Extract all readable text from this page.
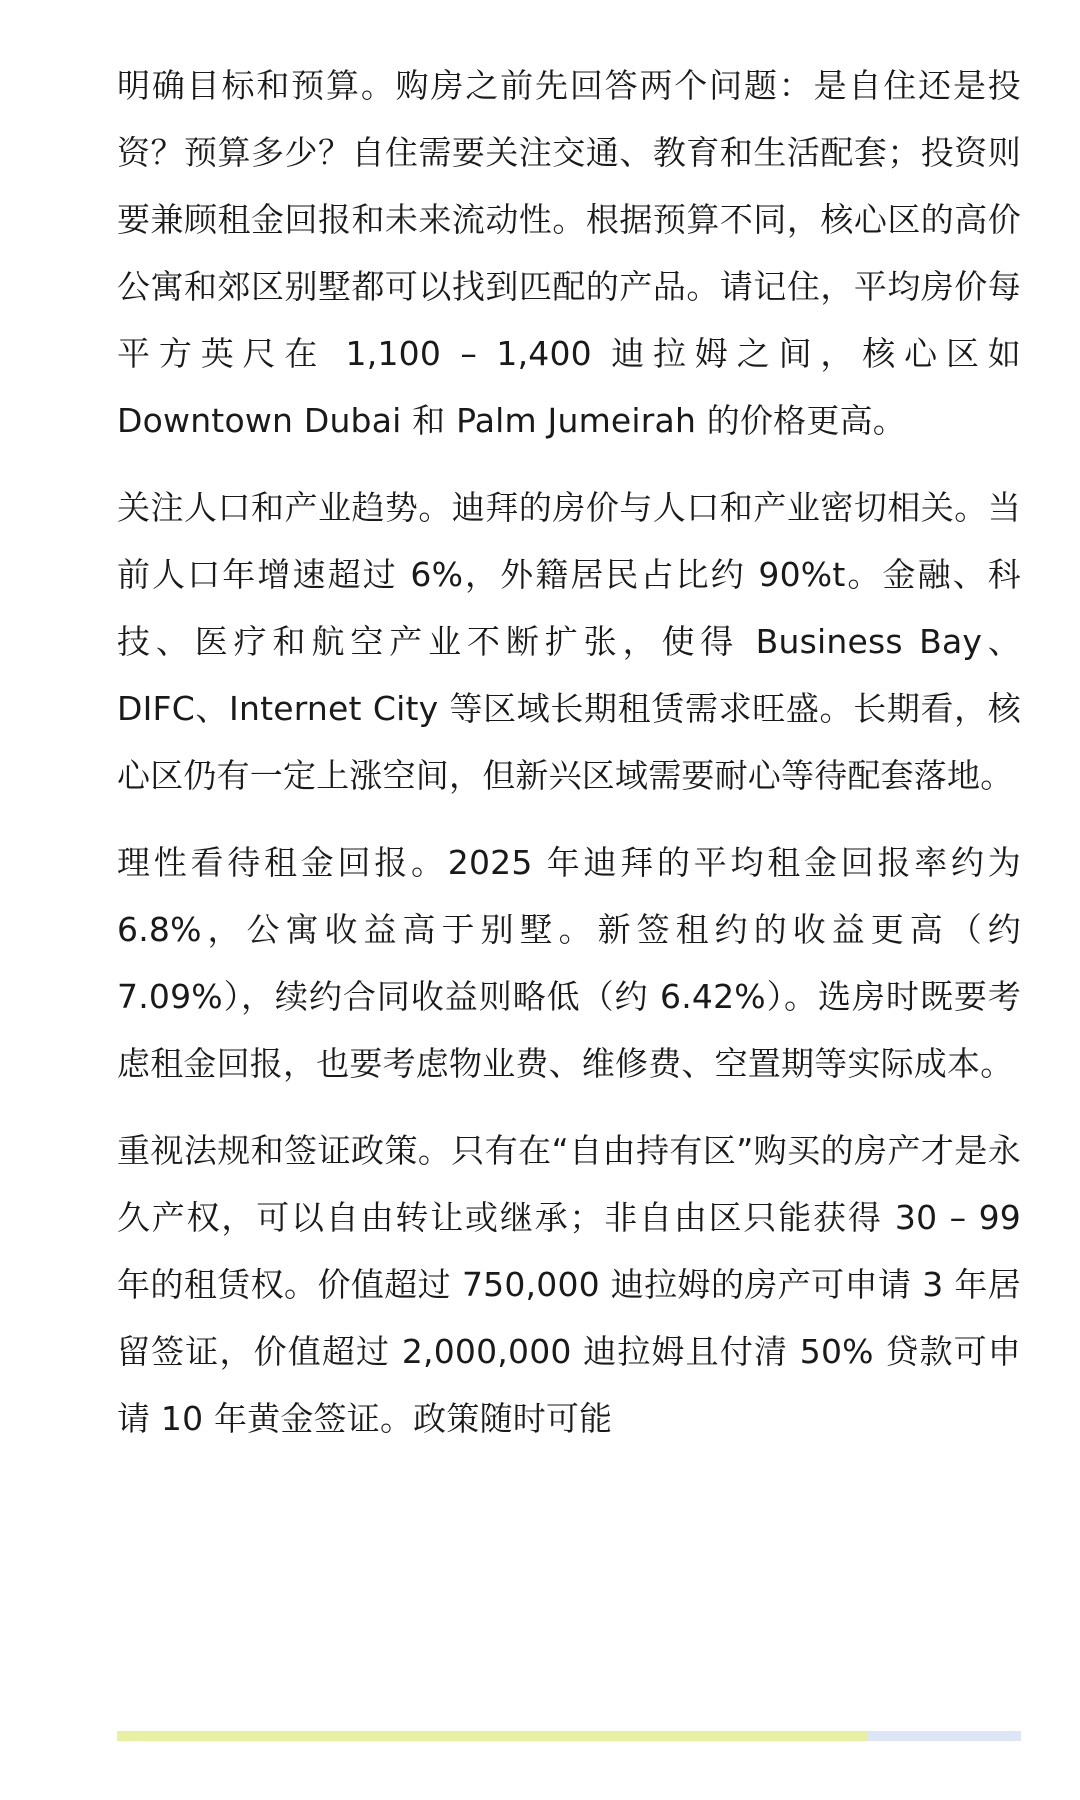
明确目标和预算。购房之前先回答两个问题：是自住还是投资？预算多少？自住需要关注交通、教育和生活配套；投资则要兼顾租金回报和未来流动性。根据预算不同，核心区的高价公寓和郊区别墅都可以找到匹配的产品。请记住，平均房价每平方英尺在 1,100 – 1,400 迪拉姆之间，核心区如 Downtown Dubai 和 Palm Jumeirah 的价格更高。

关注人口和产业趋势。迪拜的房价与人口和产业密切相关。当前人口年增速超过 6%，外籍居民占比约 90%t。金融、科技、医疗和航空产业不断扩张，使得 Business Bay、DIFC、Internet City 等区域长期租赁需求旺盛。长期看，核心区仍有一定上涨空间，但新兴区域需要耐心等待配套落地。

理性看待租金回报。2025 年迪拜的平均租金回报率约为 6.8%，公寓收益高于别墅。新签租约的收益更高（约 7.09%），续约合同收益则略低（约 6.42%）。选房时既要考虑租金回报，也要考虑物业费、维修费、空置期等实际成本。

重视法规和签证政策。只有在“自由持有区”购买的房产才是永久产权，可以自由转让或继承；非自由区只能获得 30 – 99 年的租赁权。价值超过 750,000 迪拉姆的房产可申请 3 年居留签证，价值超过 2,000,000 迪拉姆且付清 50% 贷款可申请 10 年黄金签证。政策随时可能
